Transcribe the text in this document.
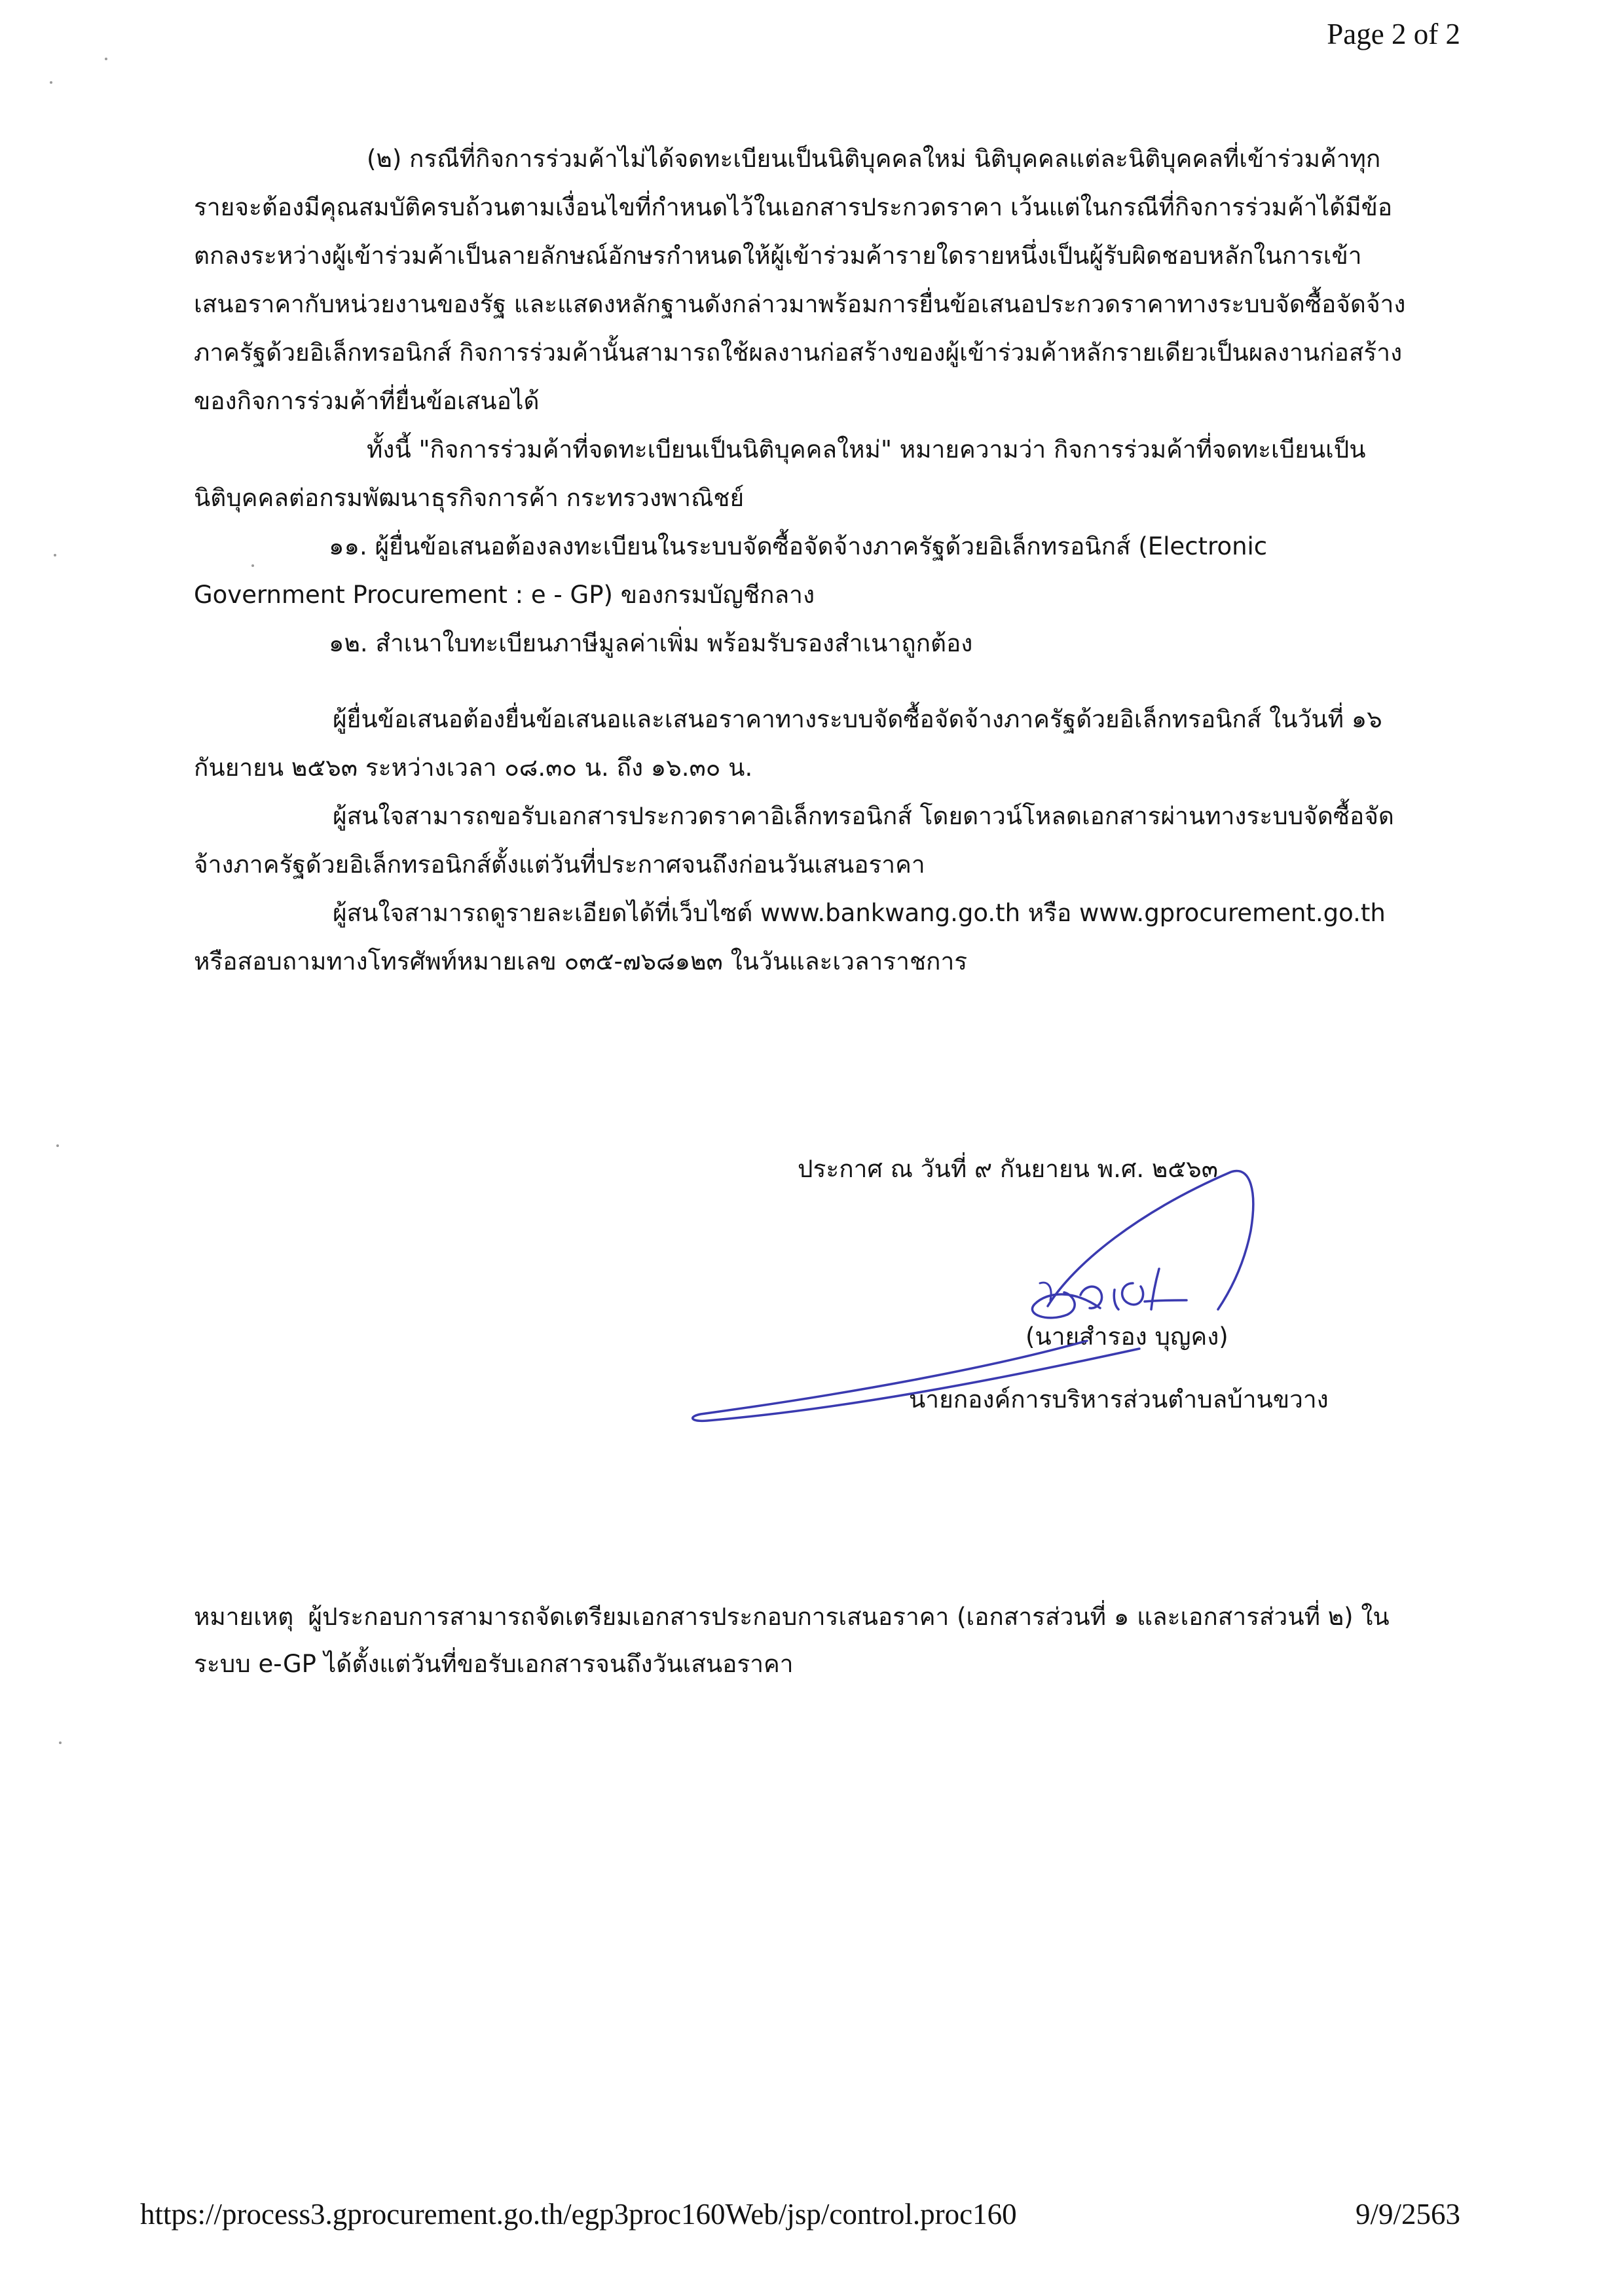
Page 2 of 2

(๒) กรณีที่กิจการร่วมค้าไม่ได้จดทะเบียนเป็นนิติบุคคลใหม่ นิติบุคคลแต่ละนิติบุคคลที่เข้าร่วมค้าทุกรายจะต้องมีคุณสมบัติครบถ้วนตามเงื่อนไขที่กำหนดไว้ในเอกสารประกวดราคา เว้นแต่ในกรณีที่กิจการร่วมค้าได้มีข้อตกลงระหว่างผู้เข้าร่วมค้าเป็นลายลักษณ์อักษรกำหนดให้ผู้เข้าร่วมค้ารายใดรายหนึ่งเป็นผู้รับผิดชอบหลักในการเข้าเสนอราคากับหน่วยงานของรัฐ และแสดงหลักฐานดังกล่าวมาพร้อมการยื่นข้อเสนอประกวดราคาทางระบบจัดซื้อจัดจ้างภาครัฐด้วยอิเล็กทรอนิกส์ กิจการร่วมค้านั้นสามารถใช้ผลงานก่อสร้างของผู้เข้าร่วมค้าหลักรายเดียวเป็นผลงานก่อสร้างของกิจการร่วมค้าที่ยื่นข้อเสนอได้

ทั้งนี้ "กิจการร่วมค้าที่จดทะเบียนเป็นนิติบุคคลใหม่" หมายความว่า กิจการร่วมค้าที่จดทะเบียนเป็นนิติบุคคลต่อกรมพัฒนาธุรกิจการค้า กระทรวงพาณิชย์

๑๑. ผู้ยื่นข้อเสนอต้องลงทะเบียนในระบบจัดซื้อจัดจ้างภาครัฐด้วยอิเล็กทรอนิกส์ (Electronic Government Procurement : e - GP) ของกรมบัญชีกลาง

๑๒. สำเนาใบทะเบียนภาษีมูลค่าเพิ่ม พร้อมรับรองสำเนาถูกต้อง

ผู้ยื่นข้อเสนอต้องยื่นข้อเสนอและเสนอราคาทางระบบจัดซื้อจัดจ้างภาครัฐด้วยอิเล็กทรอนิกส์ ในวันที่ ๑๖ กันยายน ๒๕๖๓ ระหว่างเวลา ๐๘.๓๐ น. ถึง ๑๖.๓๐ น.

ผู้สนใจสามารถขอรับเอกสารประกวดราคาอิเล็กทรอนิกส์ โดยดาวน์โหลดเอกสารผ่านทางระบบจัดซื้อจัดจ้างภาครัฐด้วยอิเล็กทรอนิกส์ตั้งแต่วันที่ประกาศจนถึงก่อนวันเสนอราคา

ผู้สนใจสามารถดูรายละเอียดได้ที่เว็บไซต์ www.bankwang.go.th หรือ www.gprocurement.go.th หรือสอบถามทางโทรศัพท์หมายเลข ๐๓๕-๗๖๘๑๒๓ ในวันและเวลาราชการ

ประกาศ ณ วันที่ ๙ กันยายน พ.ศ. ๒๕๖๓
(นายสำรอง บุญคง)
นายกองค์การบริหารส่วนตำบลบ้านขวาง

หมายเหตุ ผู้ประกอบการสามารถจัดเตรียมเอกสารประกอบการเสนอราคา (เอกสารส่วนที่ ๑ และเอกสารส่วนที่ ๒) ในระบบ e-GP ได้ตั้งแต่วันที่ขอรับเอกสารจนถึงวันเสนอราคา

https://process3.gprocurement.go.th/egp3proc160Web/jsp/control.proc160	9/9/2563
